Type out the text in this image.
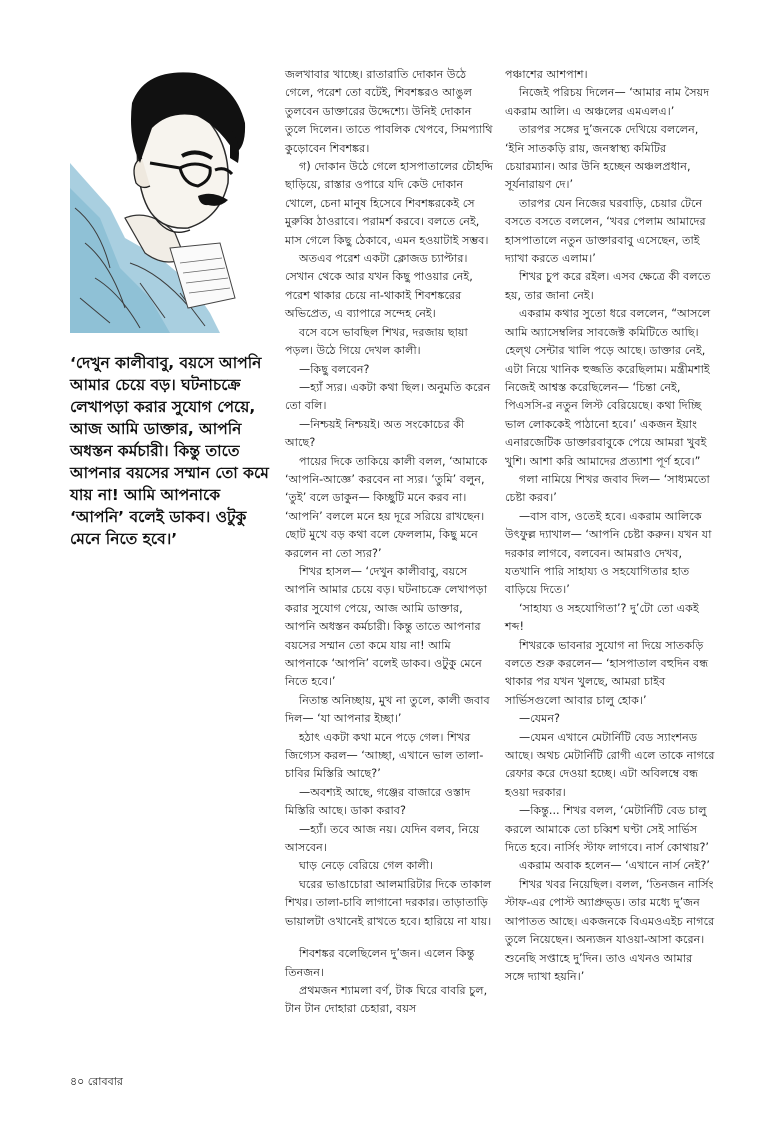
‘দেখুন কালীবাবু, বয়সে আপনি আমার চেয়ে বড়। ঘটনাচক্রে লেখাপড়া করার সুযোগ পেয়ে, আজ আমি ডাক্তার, আপনি অধস্তন কর্মচারী। কিন্তু তাতে আপনার বয়সের সম্মান তো কমে যায় না! আমি আপনাকে ‘আপনি’ বলেই ডাকব। ওটুকু মেনে নিতে হবে।’

জলখাবার খাচ্ছে। রাতারাতি দোকান উঠে গেলে, পরেশ তো বটেই, শিবশঙ্করও আঙুল তুলবেন ডাক্তারের উদ্দেশ্যে। উনিই দোকান তুলে দিলেন। তাতে পাবলিক খেপবে, সিমপ্যাথি কুড়োবেন শিবশঙ্কর।

গ) দোকান উঠে গেলে হাসপাতালের চৌহদ্দি ছাড়িয়ে, রাস্তার ওপারে যদি কেউ দোকান খোলে, চেনা মানুষ হিসেবে শিবশঙ্করকেই সে মুরুব্বি ঠাওরাবে। পরামর্শ করবে। বলতে নেই, মাস গেলে কিছু ঠেকাবে, এমন হওয়াটাই সম্ভব।

অতএব পরেশ একটা ক্লোজড চ্যাপ্টার। সেখান থেকে আর যখন কিছু পাওয়ার নেই, পরেশ থাকার চেয়ে না-থাকাই শিবশঙ্করের অভিপ্রেত, এ ব্যাপারে সন্দেহ নেই।

বসে বসে ভাবছিল শিখর, দরজায় ছায়া পড়ল। উঠে গিয়ে দেখল কালী।

—কিছু বলবেন?

—হ্যাঁ স্যর। একটা কথা ছিল। অনুমতি করেন তো বলি।

—নিশ্চয়ই নিশ্চয়ই। অত সংকোচের কী আছে?

পায়ের দিকে তাকিয়ে কালী বলল, ‘আমাকে ‘আপনি-আজ্ঞে’ করবেন না স্যর। ‘তুমি’ বলুন, ‘তুই’ বলে ডাকুন— কিচ্ছুটি মনে করব না। ‘আপনি’ বললে মনে হয় দূরে সরিয়ে রাখছেন। ছোট মুখে বড় কথা বলে ফেললাম, কিছু মনে করলেন না তো স্যর?’

শিখর হাসল— ‘দেখুন কালীবাবু, বয়সে আপনি আমার চেয়ে বড়। ঘটনাচক্রে লেখাপড়া করার সুযোগ পেয়ে, আজ আমি ডাক্তার, আপনি অধস্তন কর্মচারী। কিন্তু তাতে আপনার বয়সের সম্মান তো কমে যায় না! আমি আপনাকে ‘আপনি’ বলেই ডাকব। ওটুকু মেনে নিতে হবে।’

নিতান্ত অনিচ্ছায়, মুখ না তুলে, কালী জবাব দিল— ‘যা আপনার ইচ্ছা।’

হঠাৎ একটা কথা মনে পড়ে গেল। শিখর জিগ্যেস করল— ‘আচ্ছা, এখানে ভাল তালা-চাবির মিস্তিরি আছে?’

—অবশ্যই আছে, গঞ্জের বাজারে ওস্তাদ মিস্তিরি আছে। ডাকা করাব?

—হ্যাঁ। তবে আজ নয়। যেদিন বলব, নিয়ে আসবেন।

ঘাড় নেড়ে বেরিয়ে গেল কালী।

ঘরের ভাঙাচোরা আলমারিটার দিকে তাকাল শিখর। তালা-চাবি লাগানো দরকার। তাড়াতাড়ি ভায়ালটা ওখানেই রাখতে হবে। হারিয়ে না যায়।

শিবশঙ্কর বলেছিলেন দু’জন। এলেন কিন্তু তিনজন।

প্রথমজন শ্যামলা বর্ণ, টাক ঘিরে বাবরি চুল, টান টান দোহারা চেহারা, বয়স

পঞ্চাশের আশপাশ।

নিজেই পরিচয় দিলেন— ‘আমার নাম সৈয়দ একরাম আলি। এ অঞ্চলের এমএলএ।’

তারপর সঙ্গের দু’জনকে দেখিয়ে বললেন, ‘ইনি সাতকড়ি রায়, জনস্বাস্থ্য কমিটির চেয়ারম্যান। আর উনি হচ্ছেন অঞ্চলপ্রধান, সূর্যনারায়ণ দে।’

তারপর যেন নিজের ঘরবাড়ি, চেয়ার টেনে বসতে বসতে বললেন, ‘খবর পেলাম আমাদের হাসপাতালে নতুন ডাক্তারবাবু এসেছেন, তাই দ্যাখা করতে এলাম।’

শিখর চুপ করে রইল। এসব ক্ষেত্রে কী বলতে হয়, তার জানা নেই।

একরাম কথার সুতো ধরে বললেন, “আসলে আমি অ্যাসেম্বলির সাবজেক্ট কমিটিতে আছি। হেল্থ সেন্টার খালি পড়ে আছে। ডাক্তার নেই, এটা নিয়ে খানিক হুজ্জতি করেছিলাম। মন্ত্রীমশাই নিজেই আশ্বস্ত করেছিলেন— ‘চিন্তা নেই, পিএসসি-র নতুন লিস্ট বেরিয়েছে। কথা দিচ্ছি ভাল লোককেই পাঠানো হবে।’ একজন ইয়াং এনারজেটিক ডাক্তারবাবুকে পেয়ে আমরা খুবই খুশি। আশা করি আমাদের প্রত্যাশা পূর্ণ হবে।”

গলা নামিয়ে শিখর জবাব দিল— ‘সাধ্যমতো চেষ্টা করব।’

—বাস বাস, ওতেই হবে। একরাম আলিকে উৎফুল্ল দ্যাখাল— ‘আপনি চেষ্টা করুন। যখন যা দরকার লাগবে, বলবেন। আমরাও দেখব, যতখানি পারি সাহায্য ও সহযোগিতার হাত বাড়িয়ে দিতে।’

‘সাহায্য ও সহযোগিতা’? দু’টো তো একই শব্দ!

শিখরকে ভাবনার সুযোগ না দিয়ে সাতকড়ি বলতে শুরু করলেন— ‘হাসপাতাল বহুদিন বন্ধ থাকার পর যখন খুলছে, আমরা চাইব সার্ভিসগুলো আবার চালু হোক।’

—যেমন?

—যেমন এখানে মেটার্নিটি বেড স্যাংশনড আছে। অথচ মেটার্নিটি রোগী এলে তাকে নাগরে রেফার করে দেওয়া হচ্ছে। এটা অবিলম্বে বন্ধ হওয়া দরকার।

—কিন্তু... শিখর বলল, ‘মেটার্নিটি বেড চালু করলে আমাকে তো চব্বিশ ঘণ্টা সেই সার্ভিস দিতে হবে। নার্সিং স্টাফ লাগবে। নার্স কোথায়?’

একরাম অবাক হলেন— ‘এখানে নার্স নেই?’

শিখর খবর নিয়েছিল। বলল, ‘তিনজন নার্সিং স্টাফ-এর পোস্ট অ্যাপ্রুভ্ড। তার মধ্যে দু’জন আপাতত আছে। একজনকে বিএমওএইচ নাগরে তুলে নিয়েছেন। অন্যজন যাওয়া-আসা করেন। শুনেছি সপ্তাহে দু’দিন। তাও এখনও আমার সঙ্গে দ্যাখা হয়নি।’

৪০ রোববার
